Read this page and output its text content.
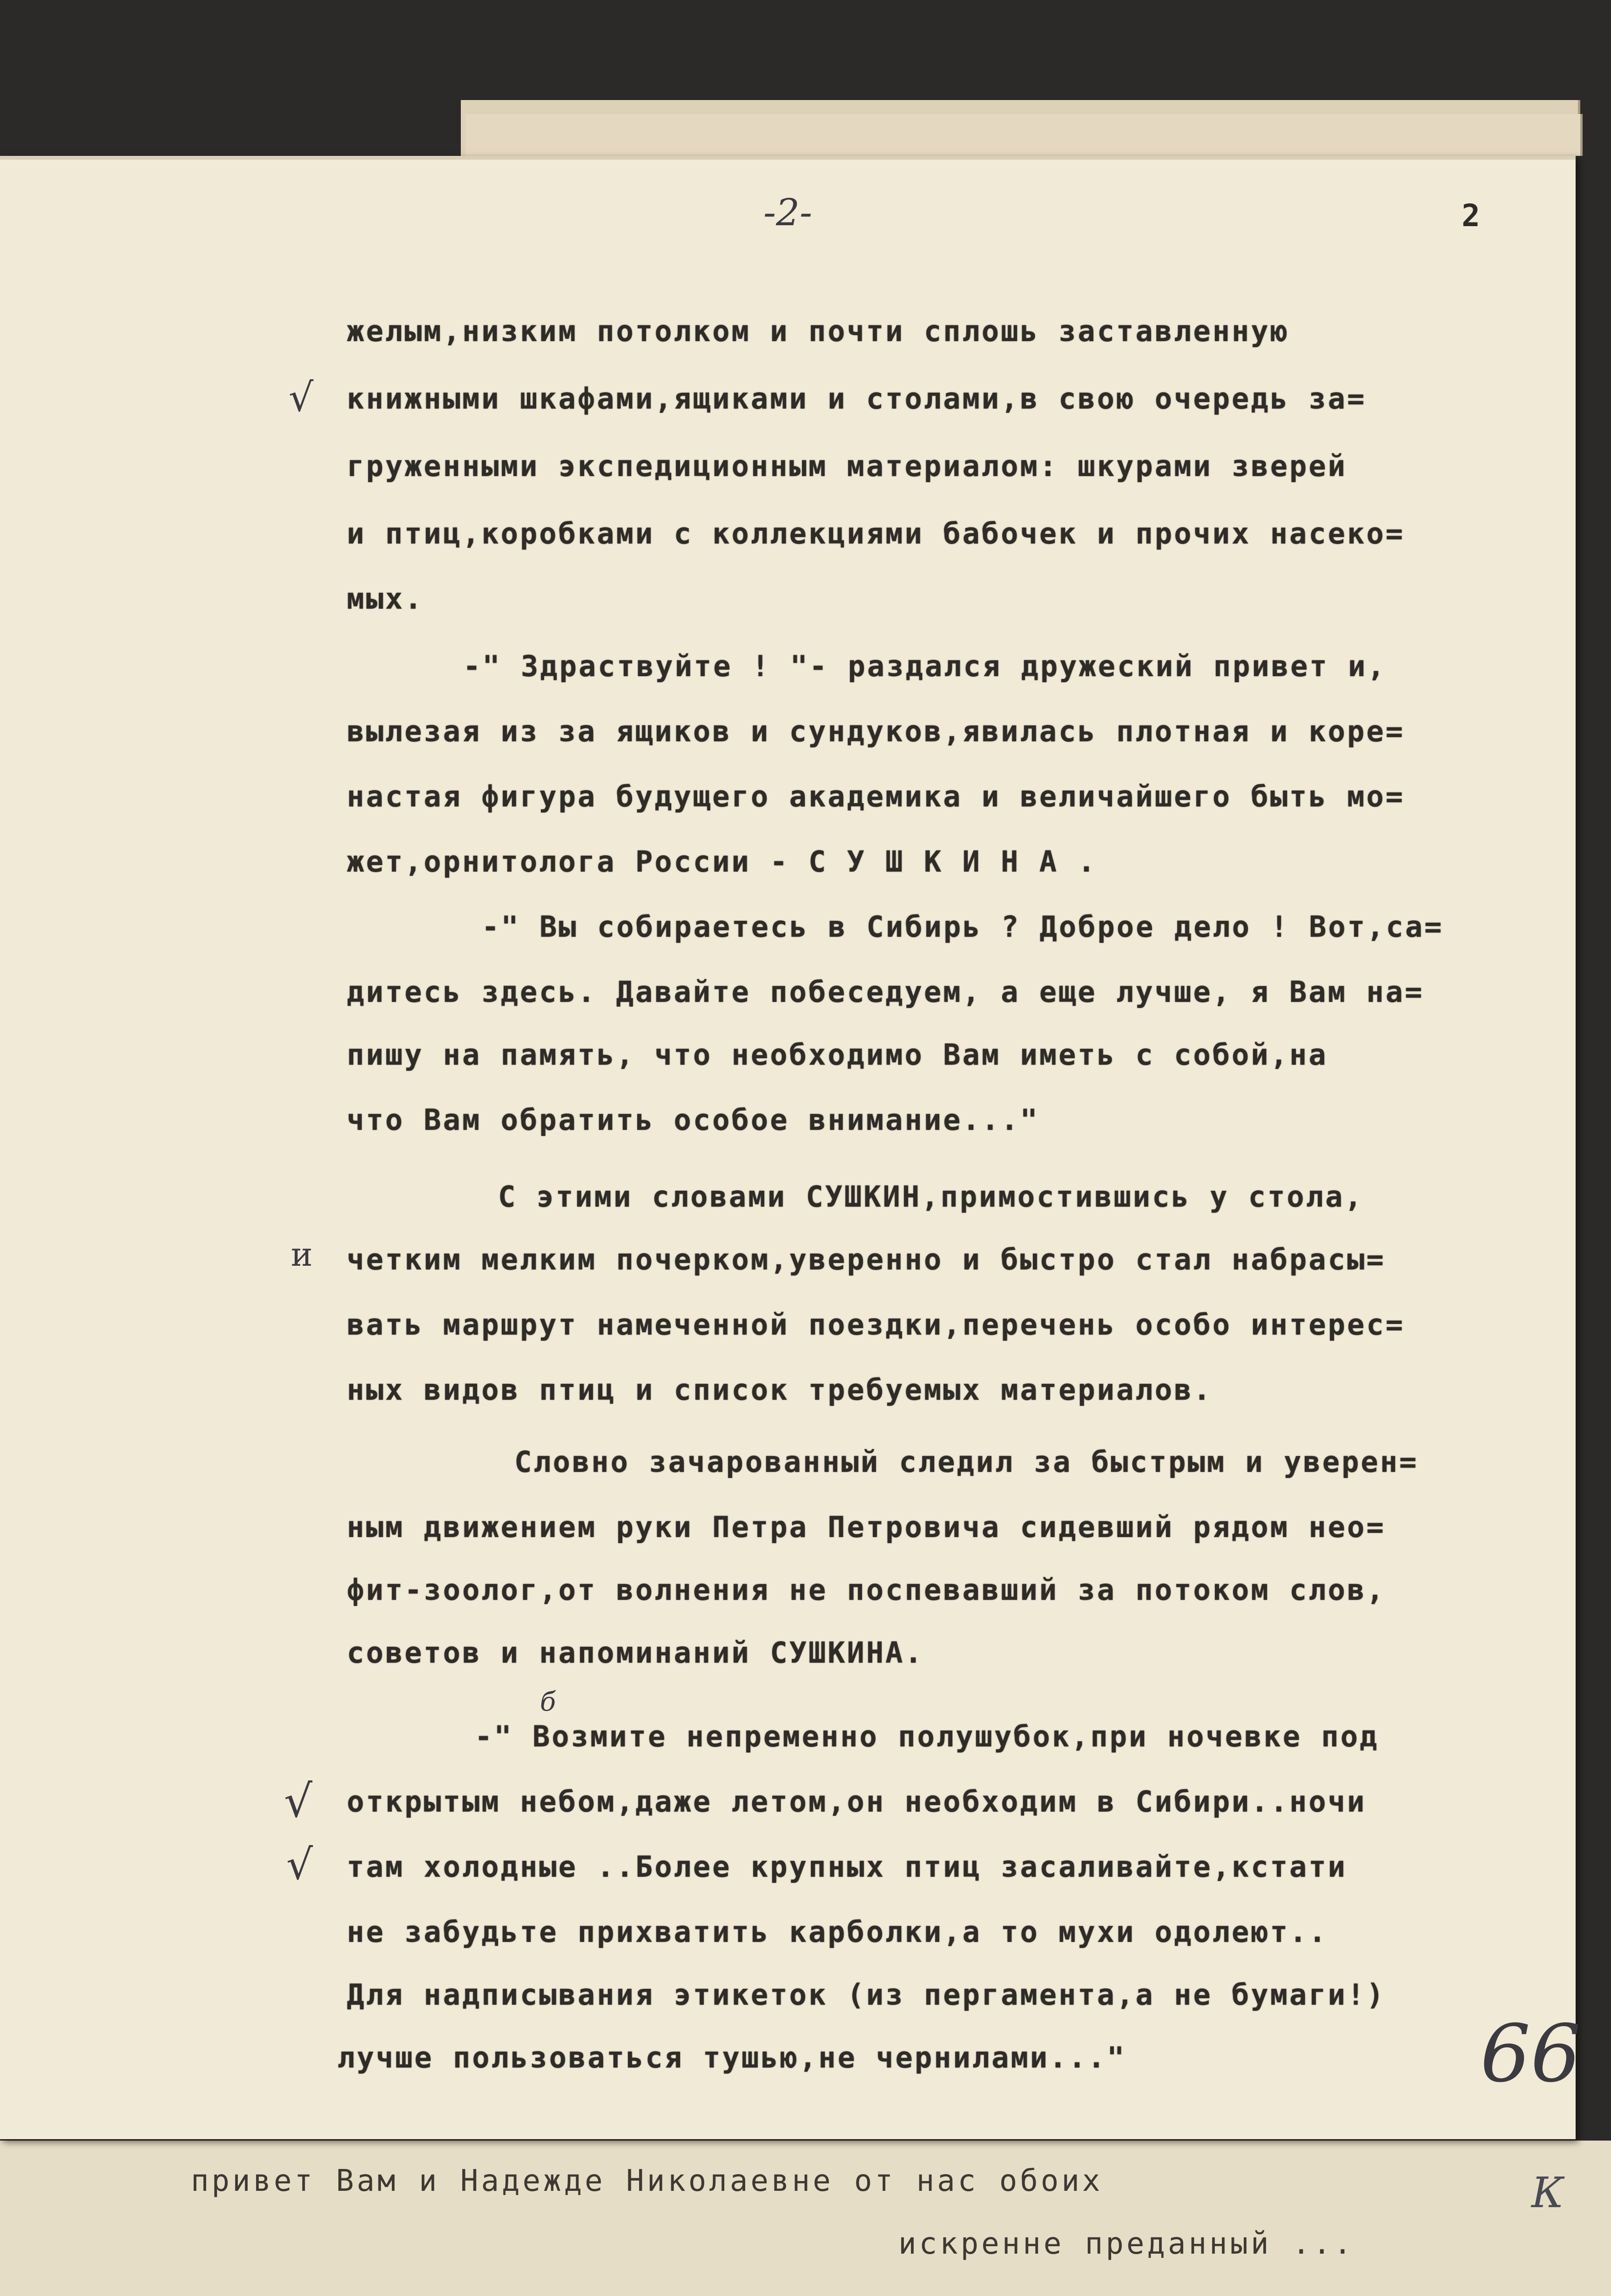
привет Вам и Надежде Николаевне от нас обоих
искренне преданный ...
К
-2-	2
желым,низким потолком и почти сплошь заставленную
√ книжными шкафами,ящиками и столами,в свою очередь за=
груженными экспедиционным материалом: шкурами зверей
и птиц,коробками с коллекциями бабочек и прочих насеко=
мых.
-" Здраствуйте ! "- раздался дружеский привет и,
вылезая из за ящиков и сундуков,явилась плотная и коре=
настая фигура будущего академика и величайшего быть мо=
жет,орнитолога России - С У Ш К И Н А .
-" Вы собираетесь в Сибирь ? Доброе дело ! Вот,са=
дитесь здесь. Давайте побеседуем, а еще лучше, я Вам на=
пишу на память, что необходимо Вам иметь с собой,на
что Вам обратить особое внимание..."
С этими словами СУШКИН,примостившись у стола,
и четким мелким почерком,уверенно и быстро стал набрасы=
вать маршрут намеченной поездки,перечень особо интерес=
ных видов птиц и список требуемых материалов.
Словно зачарованный следил за быстрым и уверен=
ным движением руки Петра Петровича сидевший рядом нео=
фит-зоолог,от волнения не поспевавший за потоком слов,
советов и напоминаний СУШКИНА.
б
-" Возмите непременно полушубок,при ночевке под
√ открытым небом,даже летом,он необходим в Сибири..ночи
√ там холодные ..Более крупных птиц засаливайте,кстати
не забудьте прихватить карболки,а то мухи одолеют..
Для надписывания этикеток (из пергамента,а не бумаги!)
лучше пользоваться тушью,не чернилами..."	66
